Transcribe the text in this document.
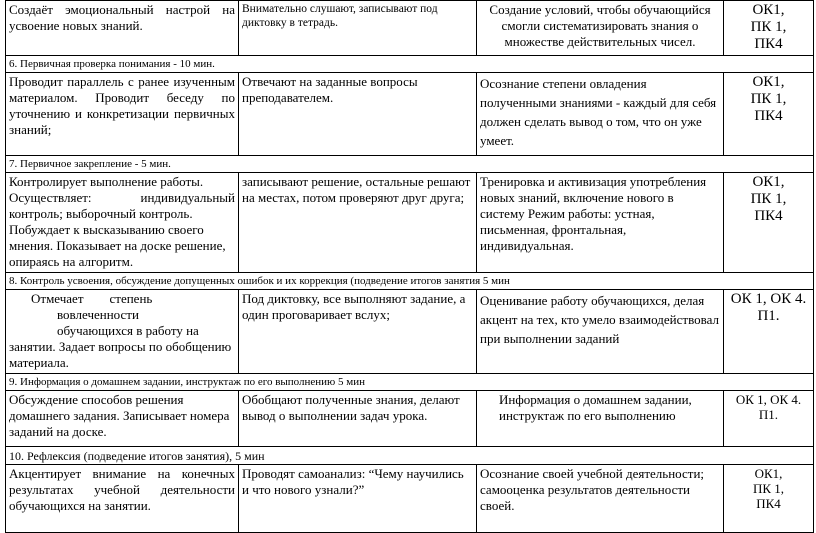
Создаёт эмоциональный настрой на усвоение новых знаний.	Внимательно слушают, записывают под диктовку в тетрадь.	Создание условий, чтобы обучающийся смогли систематизировать знания о множестве действительных чисел.	ОК1,
ПК 1,
ПК4

6. Первичная проверка понимания - 10 мин.			
Проводит параллель с ранее изученным материалом. Проводит беседу по уточнению и конкретизации первичных знаний;	Отвечают на заданные вопросы преподавателем.	Осознание степени овладения полученными знаниями - каждый для себя должен сделать вывод о том, что он уже умеет.	ОК1,
ПК 1,
ПК4

7. Первичное закрепление - 5 мин.			

Контролирует выполнение работы.
Осуществляет: индивидуальный контроль; выборочный контроль.
Побуждает к высказыванию своего мнения. Показывает на доске решение, опираясь на алгоритм.	записывают решение, остальные решают на местах, потом проверяют друг друга;	Тренировка и активизация употребления новых знаний, включение нового в систему Режим работы: устная, письменная, фронтальная, индивидуальная.	ОК1,
ПК 1,
ПК4

8. Контроль усвоения, обсуждение допущенных ошибок и их коррекция (подведение итогов занятия 5 мин			

Отмечает        степень
вовлеченности
обучающихся в работу на
занятии. Задает вопросы по обобщению материала.	Под диктовку, все выполняют задание, а один проговаривает вслух;	Оценивание работу обучающихся, делая акцент на тех, кто умело взаимодействовал при выполнении заданий	ОК 1, ОК 4.
П1.

9. Информация о домашнем задании, инструктаж по его выполнению 5 мин			
Обсуждение способов решения домашнего задания. Записывает номера заданий на доске.	Обобщают полученные знания, делают вывод о выполнении задач урока.	Информация о домашнем задании, инструктаж по его выполнению	ОК 1, ОК 4.
П1.

10. Рефлексия (подведение итогов занятия), 5 мин			
Акцентирует внимание на конечных результатах учебной деятельности обучающихся на занятии.	Проводят самоанализ: “Чему научились и что нового узнали?”	Осознание своей учебной деятельности; самооценка результатов деятельности своей.	ОК1,
ПК 1,
ПК4
